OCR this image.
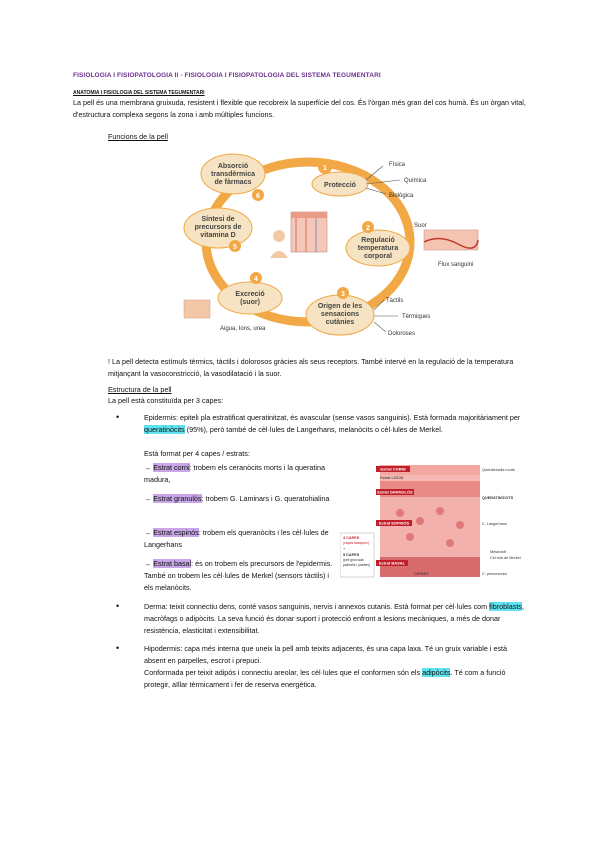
FISIOLOGIA I FISIOPATOLOGIA II - FISIOLOGIA I FISIOPATOLOGIA DEL SISTEMA TEGUMENTARI
ANATOMIA I FISIOLOGIA DEL SISTEMA TEGUMENTARI
La pell és una membrana gruixuda, resistent i flexible que recobreix la superfície del cos. És l'òrgan més gran del cos humà. És un òrgan vital, d'estructura complexa segons la zona i amb múltiples funcions.
Funcions de la pell
Absorció
transdèrmica
de fàrmacs
6
Síntesi de
precursors de
vitamina D
5
Excreció
(suor)
4
Aigua, Ions, urea
Protecció
1	Física
Química
Biològica
Regulació
temperatura
corporal
2	Suor
Flux sanguini
Origen de les
sensacions
cutànies
3
Tàctils
Tèrmiques
Doloroses
! La pell detecta estímuls tèrmics, tàctils i dolorosos gràcies als seus receptors. També intervé en la regulació de la temperatura mitjançant la vasoconstricció, la vasodilatació i la suor.
Estructura de la pell
La pell està constituïda per 3 capes:
•	Epidermis: epiteli pla estratificat queratinitzat, és avascular (sense vasos sanguinis). Està formada majoritàriament per queratinòcits (95%), però també de cèl·lules de Langerhans, melanòcits o cèl·lules de Merkel.
Està format per 4 capes / estrats:
→ Estrat corni: trobem els ceranòcits morts i la queratina madura,
→ Estrat granulós: trobem G. Laminars i G. queratohialina
→ Estrat espinós: trobem els queranòcits i les cèl·lules de Langerhans
→ Estrat basal: és on trobem els precursors de l'epidermis. També on trobem les cèl·lules de Merkel (sensors tàctils) i els melanòcits.
Estrat CORNI
Estrat LÚCID
Estrat GRANULÓS
Estrat ESPINÓS
Estrat BASAL
4 CAPES
(capes bàsiques)
+
5 CAPES
(pell gruixuda:
palmells i plantes)
Queratinòcits morts
QUERATINÒCITS
C. Langerhans
Melanòcit
Cèl·lula de Merkel
C. precursores
DERMIS
•	Derma: teixit connectiu dens, conté vasos sanguinis, nervis i annexos cutanis. Està format per cèl·lules com fibroblasts, macròfags o adipòcits. La seva funció és donar suport i protecció enfront a lesions mecàniques, a més de donar resistència, elasticitat i extensibilitat.
•	Hipodermis: capa més interna que uneix la pell amb teixits adjacents, és una capa laxa. Té un gruix variable i està absent en parpelles, escrot i prepuci.
Conformada per teixit adipós i connectiu areolar, les cèl·lules que el conformen són els adipòcits. Té com a funció protegir, aïllar tèrmicament i fer de reserva energètica.
